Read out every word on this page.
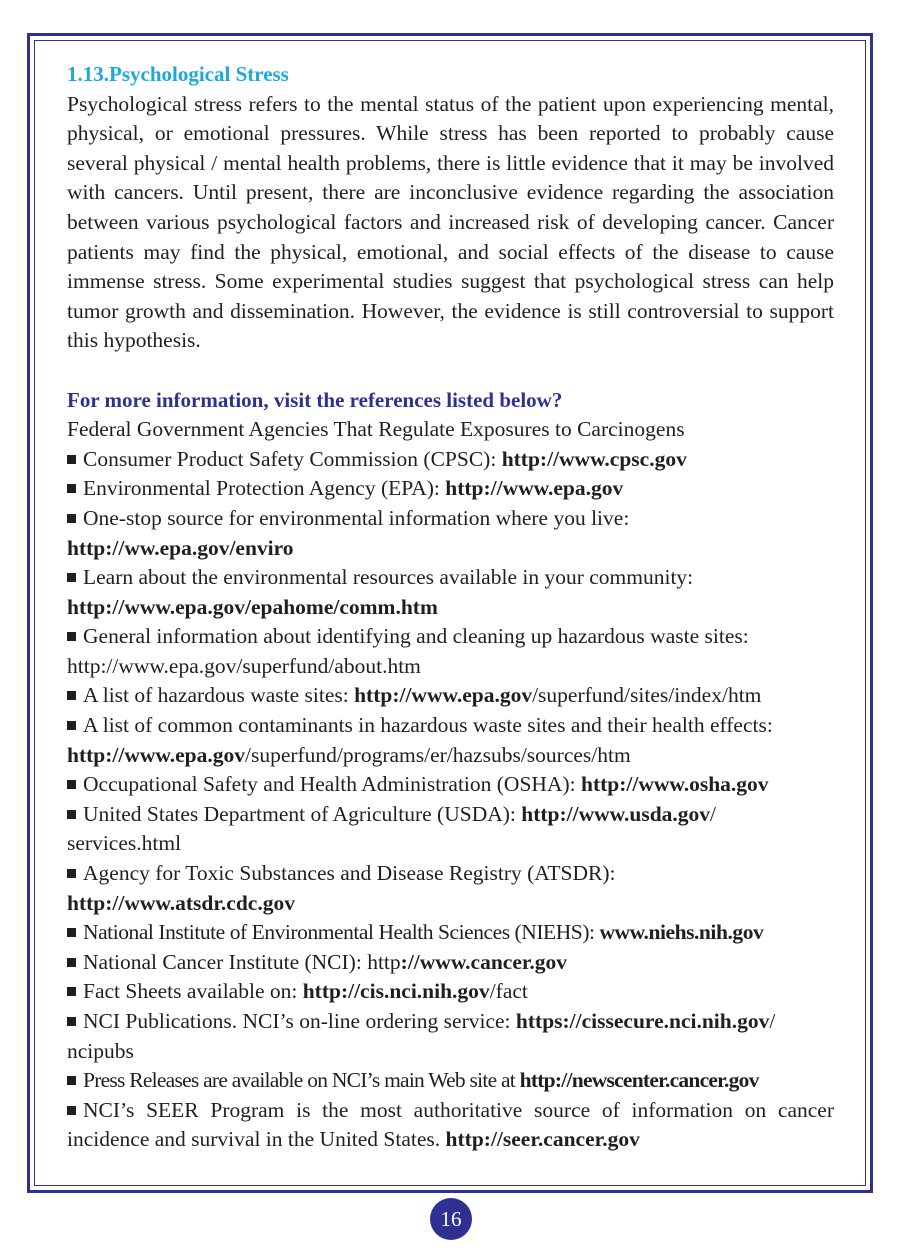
1.13.Psychological Stress

Psychological stress refers to the mental status of the patient upon experiencing mental, physical, or emotional pressures. While stress has been reported to probably cause several physical / mental health problems, there is little evidence that it may be involved with cancers. Until present, there are inconclusive evidence regarding the association between various psychological factors and increased risk of developing cancer. Cancer patients may find the physical, emotional, and social effects of the disease to cause immense stress. Some experimental studies suggest that psychological stress can help tumor growth and dissemination. However, the evidence is still controversial to support this hypothesis.

For more information, visit the references listed below?

Federal Government Agencies That Regulate Exposures to Carcinogens

Consumer Product Safety Commission (CPSC): http://www.cpsc.gov

Environmental Protection Agency (EPA): http://www.epa.gov

One-stop source for environmental information where you live:

http://ww.epa.gov/enviro

Learn about the environmental resources available in your community:

http://www.epa.gov/epahome/comm.htm

General information about identifying and cleaning up hazardous waste sites:

http://www.epa.gov/superfund/about.htm

A list of hazardous waste sites: http://www.epa.gov/superfund/sites/index/htm

A list of common contaminants in hazardous waste sites and their health effects:

http://www.epa.gov/superfund/programs/er/hazsubs/sources/htm

Occupational Safety and Health Administration (OSHA): http://www.osha.gov

United States Department of Agriculture (USDA): http://www.usda.gov/

services.html

Agency for Toxic Substances and Disease Registry (ATSDR):

http://www.atsdr.cdc.gov

National Institute of Environmental Health Sciences (NIEHS): www.niehs.nih.gov

National Cancer Institute (NCI): http://www.cancer.gov

Fact Sheets available on: http://cis.nci.nih.gov/fact

NCI Publications. NCI’s on-line ordering service: https://cissecure.nci.nih.gov/

ncipubs

Press Releases are available on NCI’s main Web site at http://newscenter.cancer.gov

NCI’s SEER Program is the most authoritative source of information on cancer incidence and survival in the United States. http://seer.cancer.gov

16
